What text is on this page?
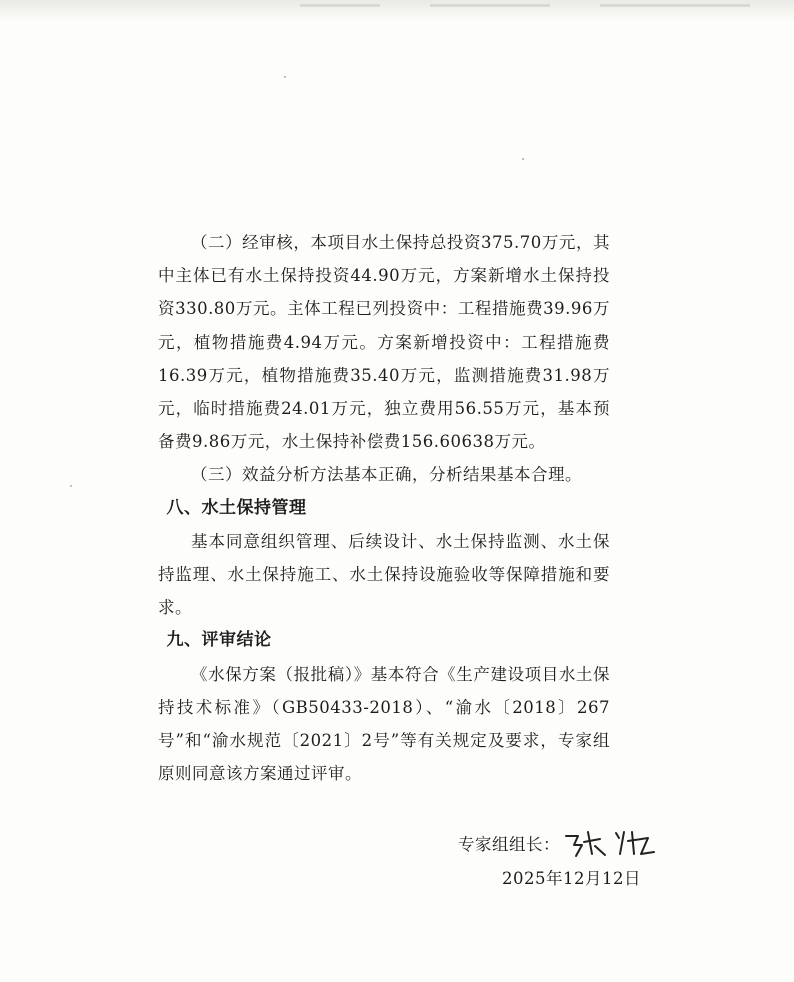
（二）经审核，本项目水土保持总投资375.70万元，其中主体已有水土保持投资44.90万元，方案新增水土保持投资330.80万元。主体工程已列投资中：工程措施费39.96万元，植物措施费4.94万元。方案新增投资中：工程措施费16.39万元，植物措施费35.40万元，监测措施费31.98万元，临时措施费24.01万元，独立费用56.55万元，基本预备费9.86万元，水土保持补偿费156.60638万元。

（三）效益分析方法基本正确，分析结果基本合理。

八、水土保持管理

基本同意组织管理、后续设计、水土保持监测、水土保持监理、水土保持施工、水土保持设施验收等保障措施和要求。

九、评审结论

《水保方案（报批稿）》基本符合《生产建设项目水土保持技术标准》（GB50433-2018）、“渝水〔2018〕267号”和“渝水规范〔2021〕2号”等有关规定及要求，专家组原则同意该方案通过评审。

专家组组长：
2025年12月12日
